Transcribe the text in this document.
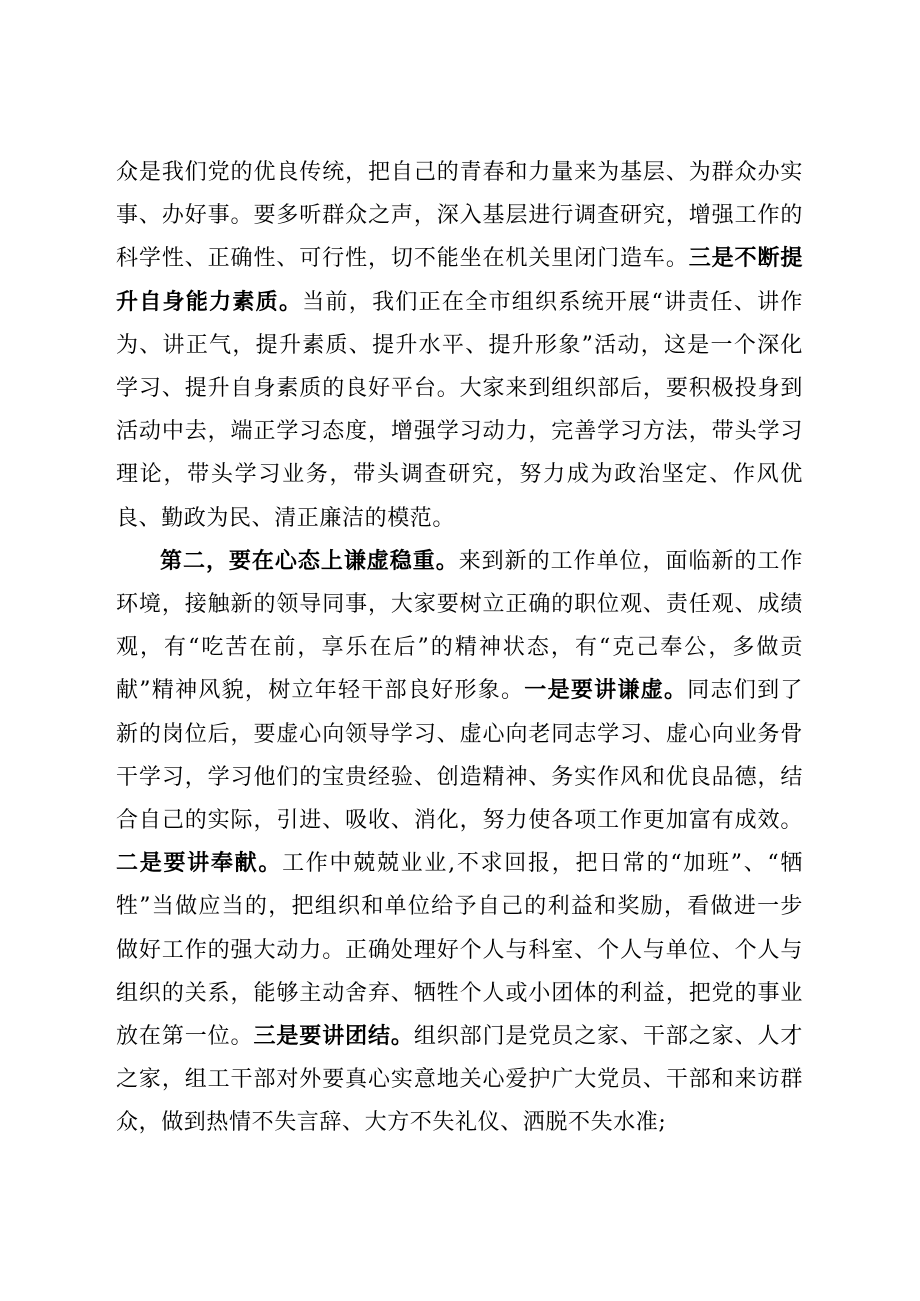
众是我们党的优良传统，把自己的青春和力量来为基层、为群众办实事、办好事。要多听群众之声，深入基层进行调查研究，增强工作的科学性、正确性、可行性，切不能坐在机关里闭门造车。三是不断提升自身能力素质。当前，我们正在全市组织系统开展“讲责任、讲作为、讲正气，提升素质、提升水平、提升形象”活动，这是一个深化学习、提升自身素质的良好平台。大家来到组织部后，要积极投身到活动中去，端正学习态度，增强学习动力，完善学习方法，带头学习理论，带头学习业务，带头调查研究，努力成为政治坚定、作风优良、勤政为民、清正廉洁的模范。

第二，要在心态上谦虚稳重。来到新的工作单位，面临新的工作环境，接触新的领导同事，大家要树立正确的职位观、责任观、成绩观，有“吃苦在前，享乐在后”的精神状态，有“克己奉公，多做贡献”精神风貌，树立年轻干部良好形象。一是要讲谦虚。同志们到了新的岗位后，要虚心向领导学习、虚心向老同志学习、虚心向业务骨干学习，学习他们的宝贵经验、创造精神、务实作风和优良品德，结合自己的实际，引进、吸收、消化，努力使各项工作更加富有成效。二是要讲奉献。工作中兢兢业业,不求回报，把日常的“加班”、“牺牲”当做应当的，把组织和单位给予自己的利益和奖励，看做进一步做好工作的强大动力。正确处理好个人与科室、个人与单位、个人与组织的关系，能够主动舍弃、牺牲个人或小团体的利益，把党的事业放在第一位。三是要讲团结。组织部门是党员之家、干部之家、人才之家，组工干部对外要真心实意地关心爱护广大党员、干部和来访群众，做到热情不失言辞、大方不失礼仪、洒脱不失水准;
